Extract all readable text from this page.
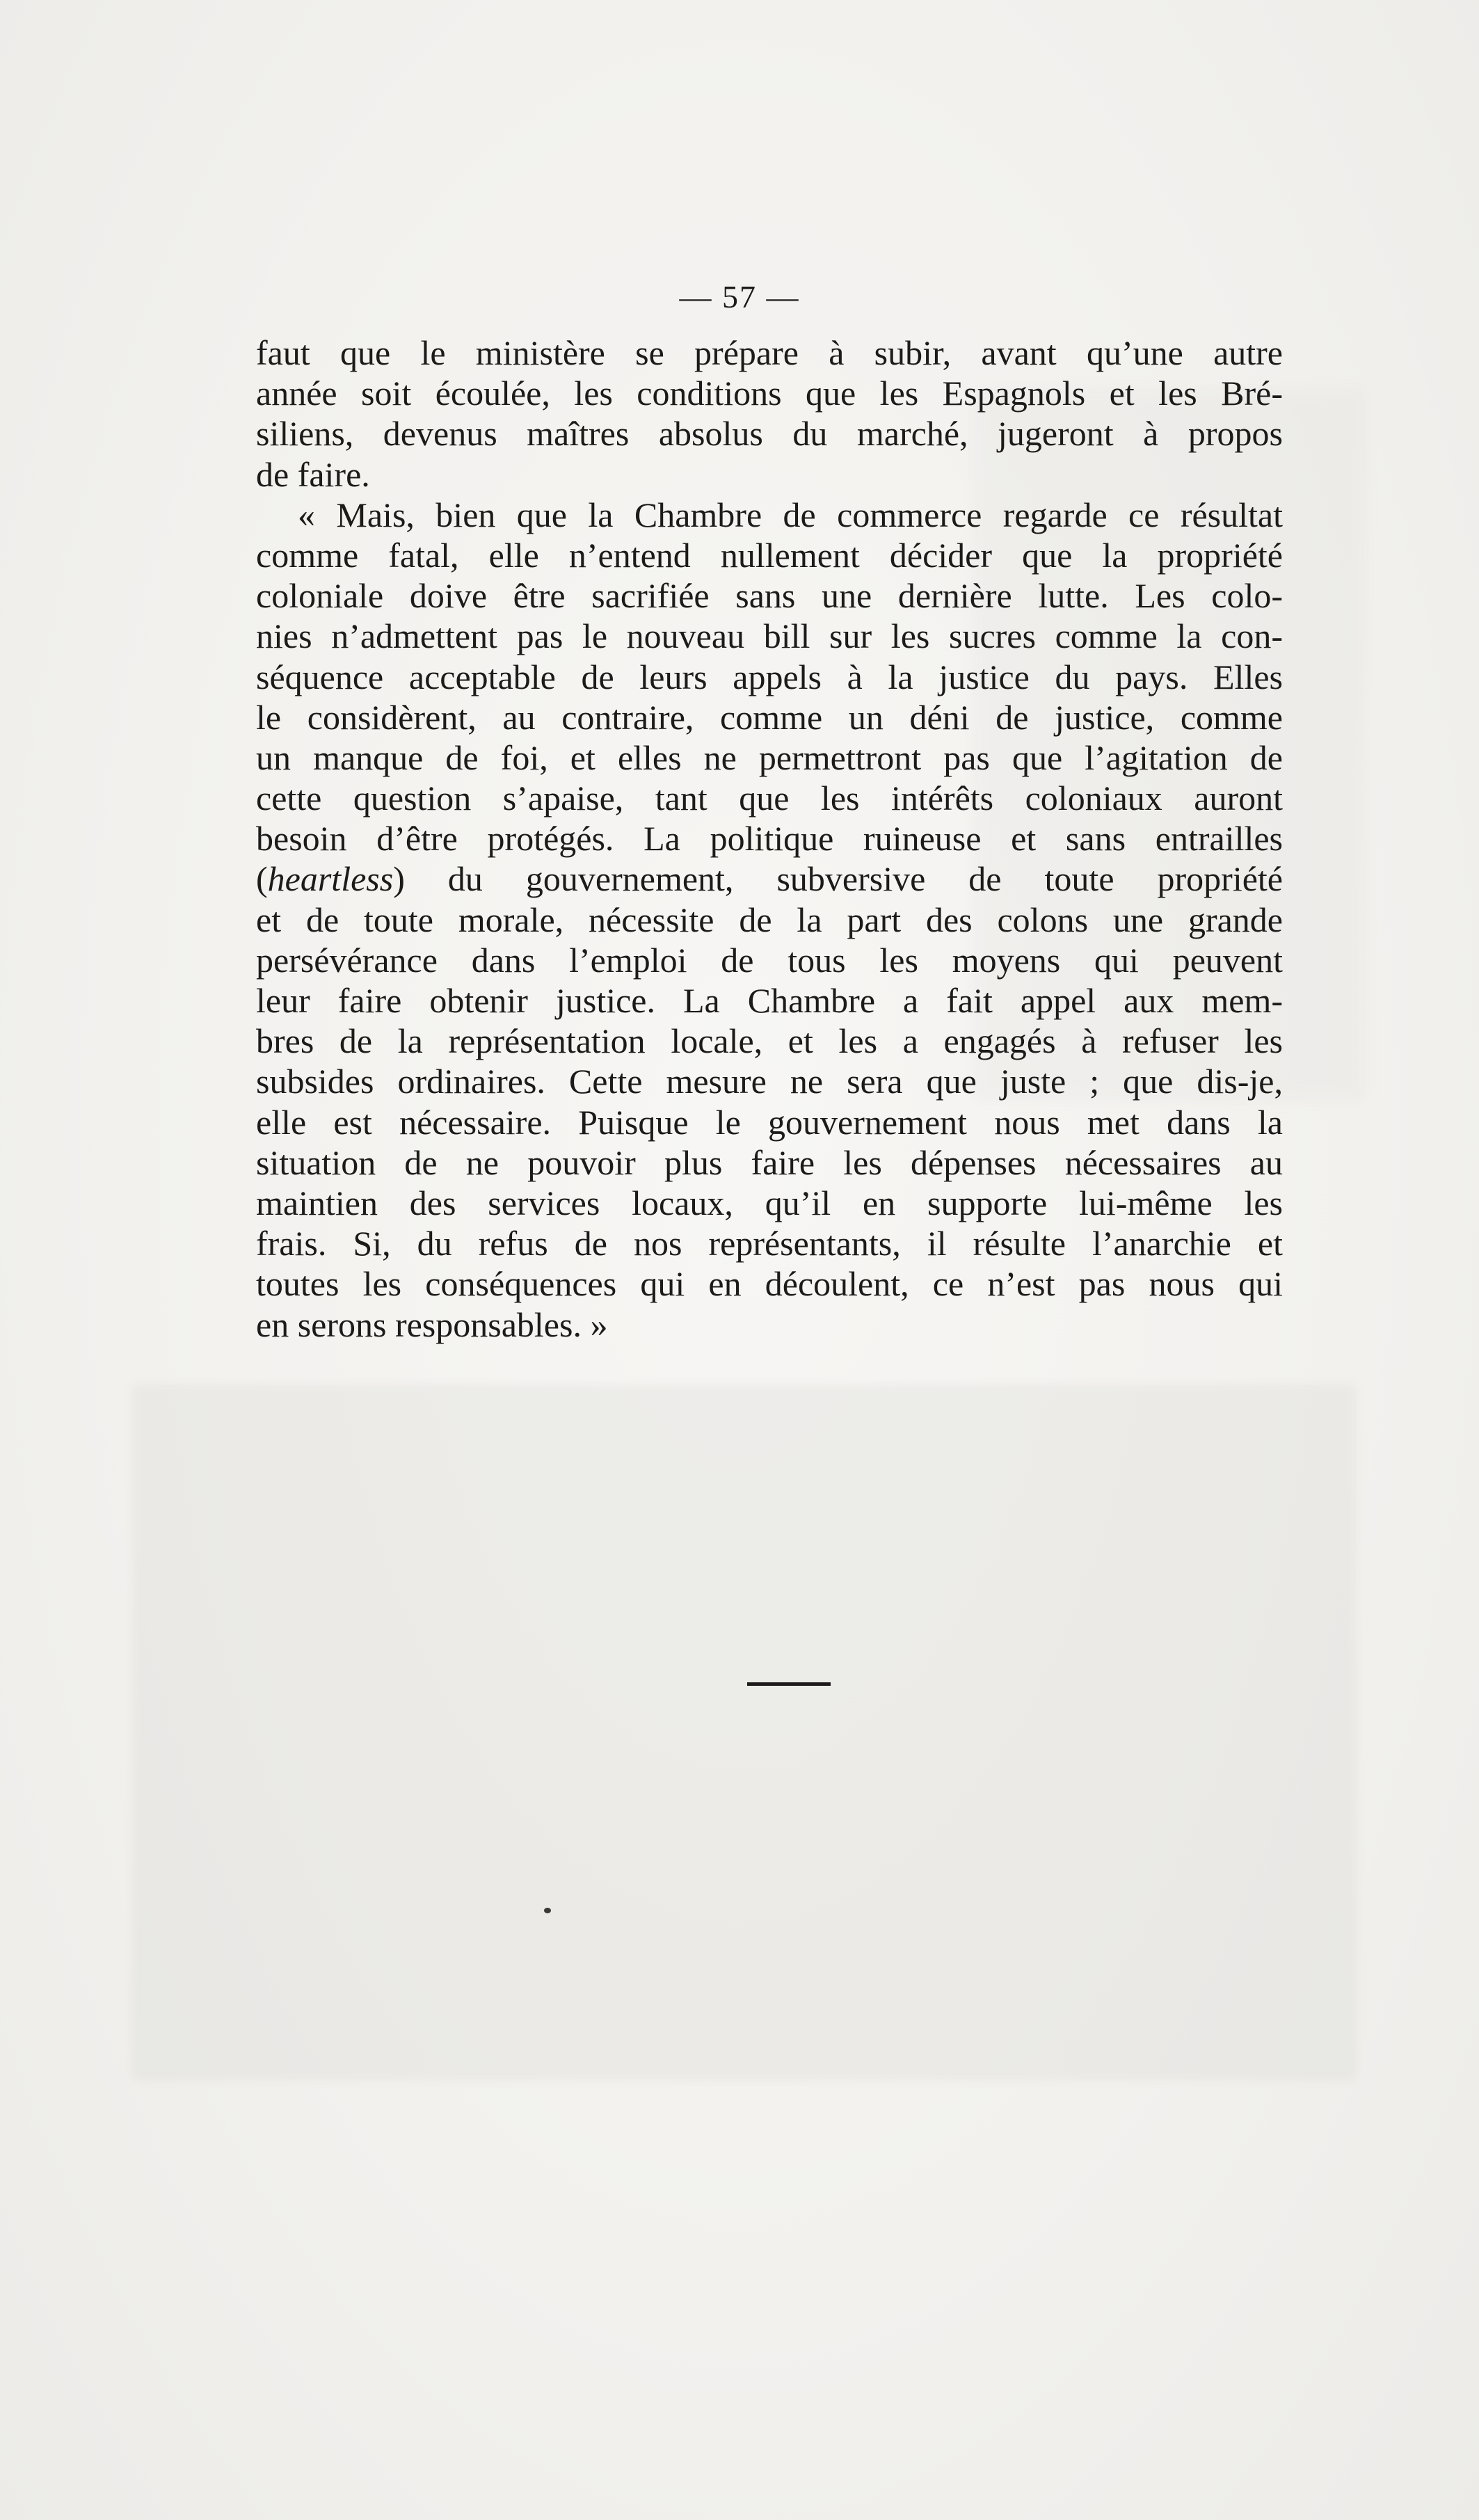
— 57 —
faut que le ministère se prépare à subir, avant qu’une autre
année soit écoulée, les conditions que les Espagnols et les Bré-
siliens, devenus maîtres absolus du marché, jugeront à propos
de faire.
« Mais, bien que la Chambre de commerce regarde ce résultat
comme fatal, elle n’entend nullement décider que la propriété
coloniale doive être sacrifiée sans une dernière lutte. Les colo-
nies n’admettent pas le nouveau bill sur les sucres comme la con-
séquence acceptable de leurs appels à la justice du pays. Elles
le considèrent, au contraire, comme un déni de justice, comme
un manque de foi, et elles ne permettront pas que l’agitation de
cette question s’apaise, tant que les intérêts coloniaux auront
besoin d’être protégés. La politique ruineuse et sans entrailles
(heartless) du gouvernement, subversive de toute propriété
et de toute morale, nécessite de la part des colons une grande
persévérance dans l’emploi de tous les moyens qui peuvent
leur faire obtenir justice. La Chambre a fait appel aux mem-
bres de la représentation locale, et les a engagés à refuser les
subsides ordinaires. Cette mesure ne sera que juste ; que dis-je,
elle est nécessaire. Puisque le gouvernement nous met dans la
situation de ne pouvoir plus faire les dépenses nécessaires au
maintien des services locaux, qu’il en supporte lui-même les
frais. Si, du refus de nos représentants, il résulte l’anarchie et
toutes les conséquences qui en découlent, ce n’est pas nous qui
en serons responsables. »
